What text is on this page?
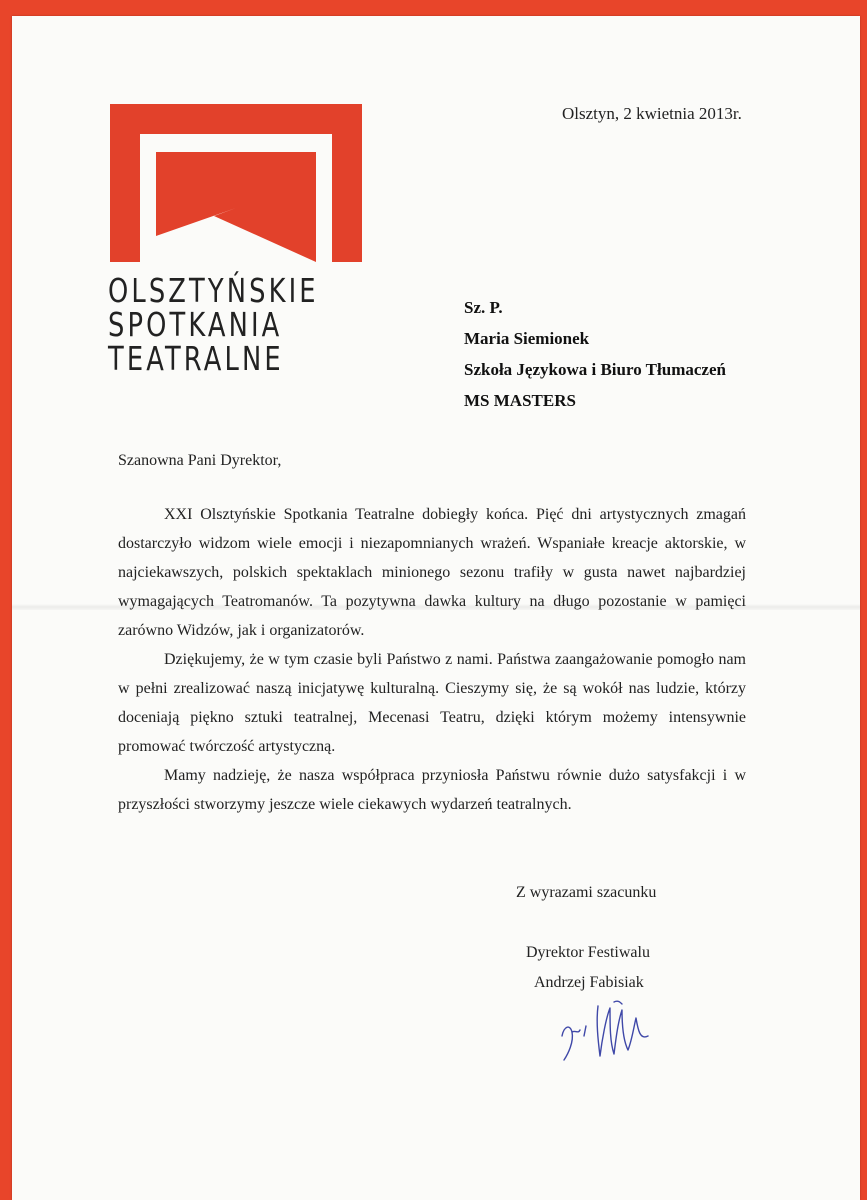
OLSZTYŃSKIE
SPOTKANIA
TEATRALNE
Olsztyn, 2 kwietnia 2013r.
Sz. P.
Maria Siemionek
Szkoła Językowa i Biuro Tłumaczeń
MS MASTERS
Szanowna Pani Dyrektor,

XXI Olsztyńskie Spotkania Teatralne dobiegły końca. Pięć dni artystycznych zmagań dostarczyło widzom wiele emocji i niezapomnianych wrażeń. Wspaniałe kreacje aktorskie, w najciekawszych, polskich spektaklach minionego sezonu trafiły w gusta nawet najbardziej wymagających Teatromanów. Ta pozytywna dawka kultury na długo pozostanie w pamięci zarówno Widzów, jak i organizatorów.

Dziękujemy, że w tym czasie byli Państwo z nami. Państwa zaangażowanie pomogło nam w pełni zrealizować naszą inicjatywę kulturalną. Cieszymy się, że są wokół nas ludzie, którzy doceniają piękno sztuki teatralnej, Mecenasi Teatru, dzięki którym możemy intensywnie promować twórczość artystyczną.

Mamy nadzieję, że nasza współpraca przyniosła Państwu równie dużo satysfakcji i w przyszłości stworzymy jeszcze wiele ciekawych wydarzeń teatralnych.

Z wyrazami szacunku
Dyrektor Festiwalu
Andrzej Fabisiak
